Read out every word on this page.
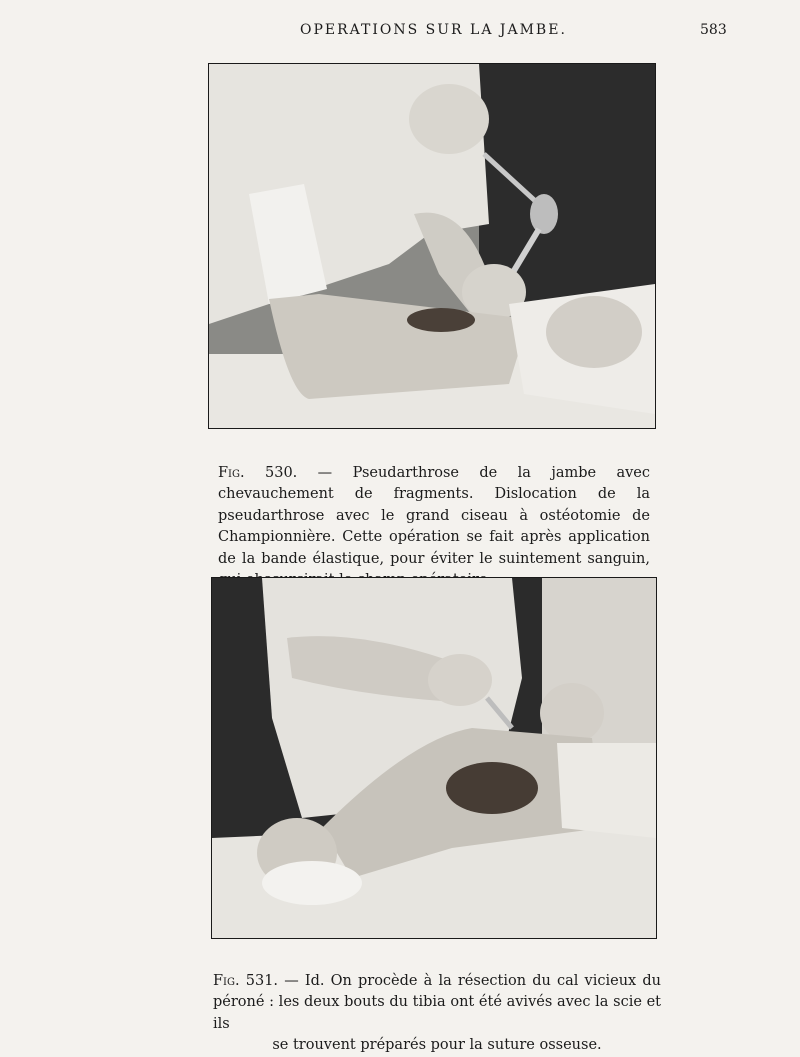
OPERATIONS SUR LA JAMBE.	583

Fig. 530. — Pseudarthrose de la jambe avec chevauchement de fragments. Dislocation de la pseudarthrose avec le grand ciseau à ostéotomie de Championnière. Cette opération se fait après application de la bande élastique, pour éviter le suintement sanguin,

Fig. 531. — Id. On procède à la résection du cal vicieux du péroné : les deux bouts du tibia ont été avivés avec la scie et ils
se trouvent préparés pour la suture osseuse.
